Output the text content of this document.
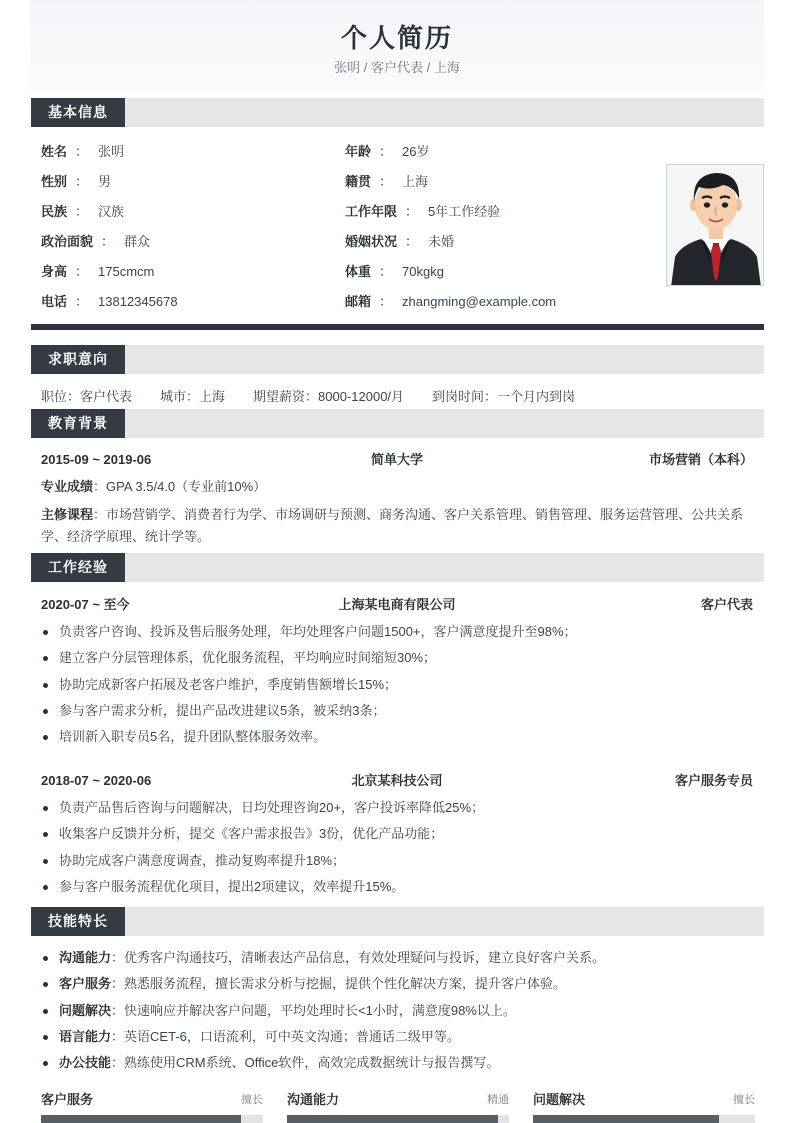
个人简历
张明 / 客户代表 / 上海
基本信息
姓名 ： 张明	年龄 ： 26岁
性别 ： 男	籍贯 ： 上海
民族 ： 汉族	工作年限 ： 5年工作经验
政治面貌 ： 群众	婚姻状况 ： 未婚
身高 ： 175cmcm	体重 ： 70kgkg
电话 ： 13812345678	邮箱 ： zhangming@example.com
求职意向
职位：客户代表 城市：上海 期望薪资：8000-12000/月 到岗时间：一个月内到岗
教育背景
2015-09 ~ 2019-06	简单大学	市场营销（本科）
专业成绩：GPA 3.5/4.0（专业前10%）
主修课程：市场营销学、消费者行为学、市场调研与预测、商务沟通、客户关系管理、销售管理、服务运营管理、公共关系学、经济学原理、统计学等。
工作经验
2020-07 ~ 至今	上海某电商有限公司	客户代表
负责客户咨询、投诉及售后服务处理，年均处理客户问题1500+，客户满意度提升至98%；
建立客户分层管理体系，优化服务流程，平均响应时间缩短30%；
协助完成新客户拓展及老客户维护，季度销售额增长15%；
参与客户需求分析，提出产品改进建议5条，被采纳3条；
培训新入职专员5名，提升团队整体服务效率。
2018-07 ~ 2020-06	北京某科技公司	客户服务专员
负责产品售后咨询与问题解决，日均处理咨询20+，客户投诉率降低25%；
收集客户反馈并分析，提交《客户需求报告》3份，优化产品功能；
协助完成客户满意度调查，推动复购率提升18%；
参与客户服务流程优化项目，提出2项建议，效率提升15%。
技能特长
沟通能力：优秀客户沟通技巧，清晰表达产品信息，有效处理疑问与投诉，建立良好客户关系。
客户服务：熟悉服务流程，擅长需求分析与挖掘，提供个性化解决方案，提升客户体验。
问题解决：快速响应并解决客户问题，平均处理时长<1小时，满意度98%以上。
语言能力：英语CET-6，口语流利，可中英文沟通；普通话二级甲等。
办公技能：熟练使用CRM系统、Office软件，高效完成数据统计与报告撰写。
客户服务	擅长 沟通能力	精通 问题解决	擅长
